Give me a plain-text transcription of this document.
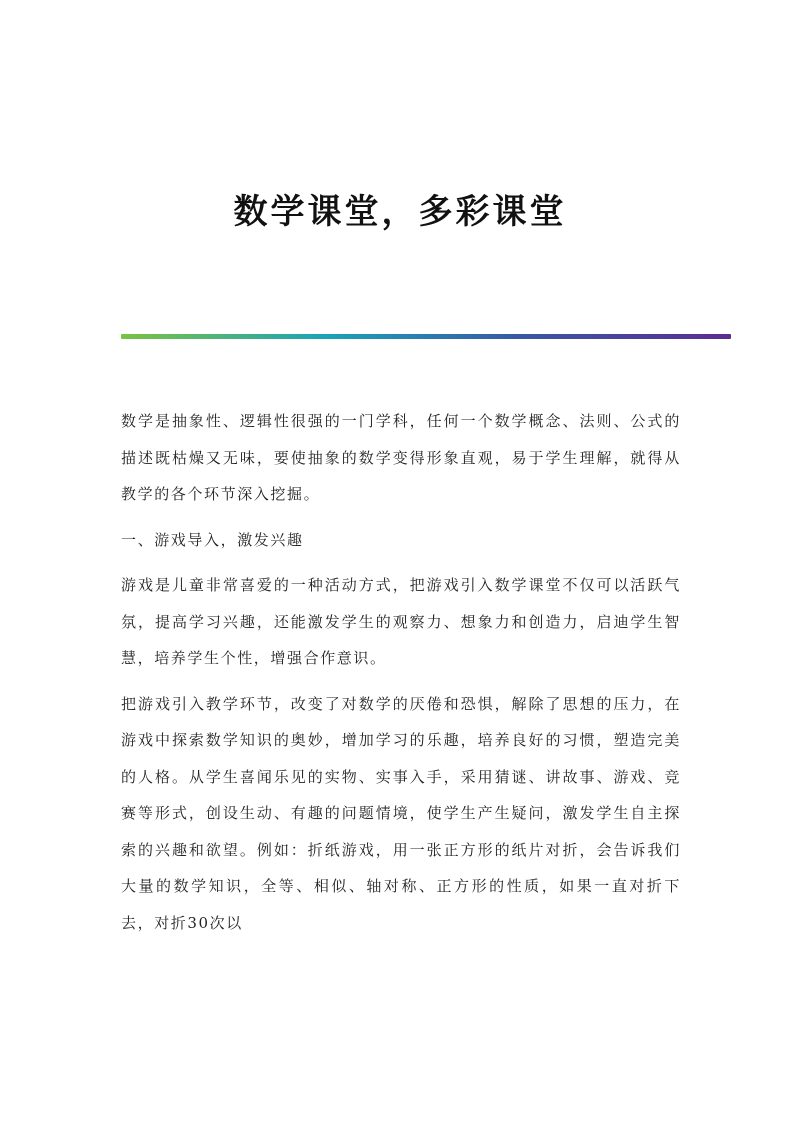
数学课堂，多彩课堂

数学是抽象性、逻辑性很强的一门学科，任何一个数学概念、法则、公式的描述既枯燥又无味，要使抽象的数学变得形象直观，易于学生理解，就得从教学的各个环节深入挖掘。

一、游戏导入，激发兴趣

游戏是儿童非常喜爱的一种活动方式，把游戏引入数学课堂不仅可以活跃气氛，提高学习兴趣，还能激发学生的观察力、想象力和创造力，启迪学生智慧，培养学生个性，增强合作意识。

把游戏引入教学环节，改变了对数学的厌倦和恐惧，解除了思想的压力，在游戏中探索数学知识的奥妙，增加学习的乐趣，培养良好的习惯，塑造完美的人格。从学生喜闻乐见的实物、实事入手，采用猜谜、讲故事、游戏、竞赛等形式，创设生动、有趣的问题情境，使学生产生疑问，激发学生自主探索的兴趣和欲望。例如：折纸游戏，用一张正方形的纸片对折，会告诉我们大量的数学知识，全等、相似、轴对称、正方形的性质，如果一直对折下去，对折30次以
